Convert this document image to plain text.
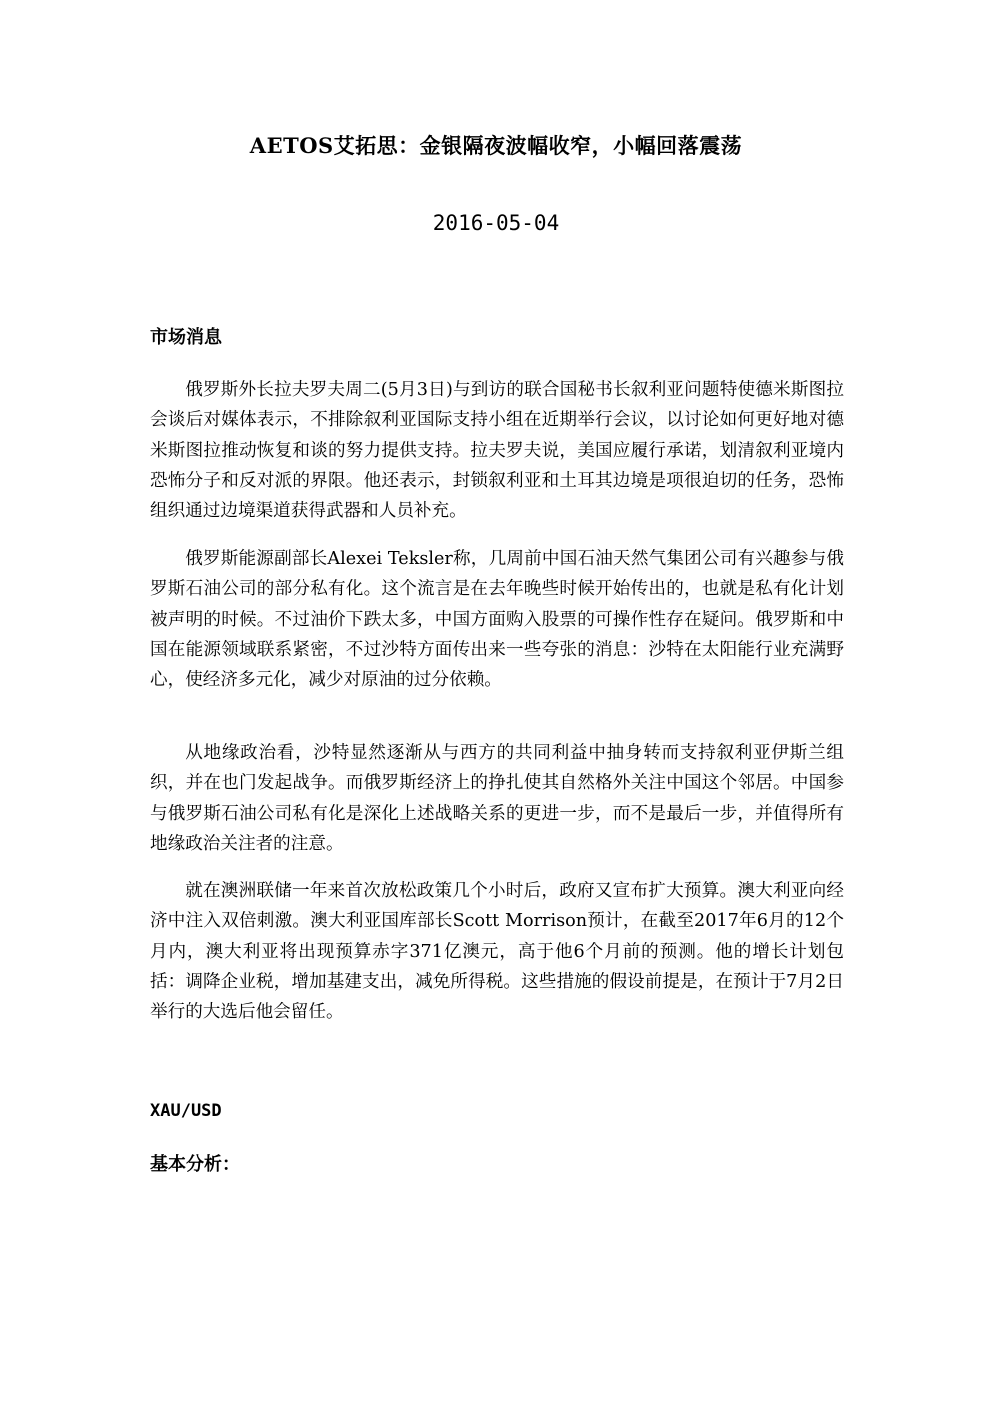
AETOS艾拓思：金银隔夜波幅收窄，小幅回落震荡
2016-05-04
市场消息

俄罗斯外长拉夫罗夫周二(5月3日)与到访的联合国秘书长叙利亚问题特使德米斯图拉会谈后对媒体表示，不排除叙利亚国际支持小组在近期举行会议，以讨论如何更好地对德米斯图拉推动恢复和谈的努力提供支持。拉夫罗夫说，美国应履行承诺，划清叙利亚境内恐怖分子和反对派的界限。他还表示，封锁叙利亚和土耳其边境是项很迫切的任务，恐怖组织通过边境渠道获得武器和人员补充。

俄罗斯能源副部长Alexei Teksler称，几周前中国石油天然气集团公司有兴趣参与俄罗斯石油公司的部分私有化。这个流言是在去年晚些时候开始传出的，也就是私有化计划被声明的时候。不过油价下跌太多，中国方面购入股票的可操作性存在疑问。俄罗斯和中国在能源领域联系紧密，不过沙特方面传出来一些夸张的消息：沙特在太阳能行业充满野心，使经济多元化，减少对原油的过分依赖。

从地缘政治看，沙特显然逐渐从与西方的共同利益中抽身转而支持叙利亚伊斯兰组织，并在也门发起战争。而俄罗斯经济上的挣扎使其自然格外关注中国这个邻居。中国参与俄罗斯石油公司私有化是深化上述战略关系的更进一步，而不是最后一步，并值得所有地缘政治关注者的注意。

就在澳洲联储一年来首次放松政策几个小时后，政府又宣布扩大预算。澳大利亚向经济中注入双倍刺激。澳大利亚国库部长Scott Morrison预计，在截至2017年6月的12个月内，澳大利亚将出现预算赤字371亿澳元，高于他6个月前的预测。他的增长计划包括：调降企业税，增加基建支出，减免所得税。这些措施的假设前提是，在预计于7月2日举行的大选后他会留任。

XAU/USD
基本分析：
